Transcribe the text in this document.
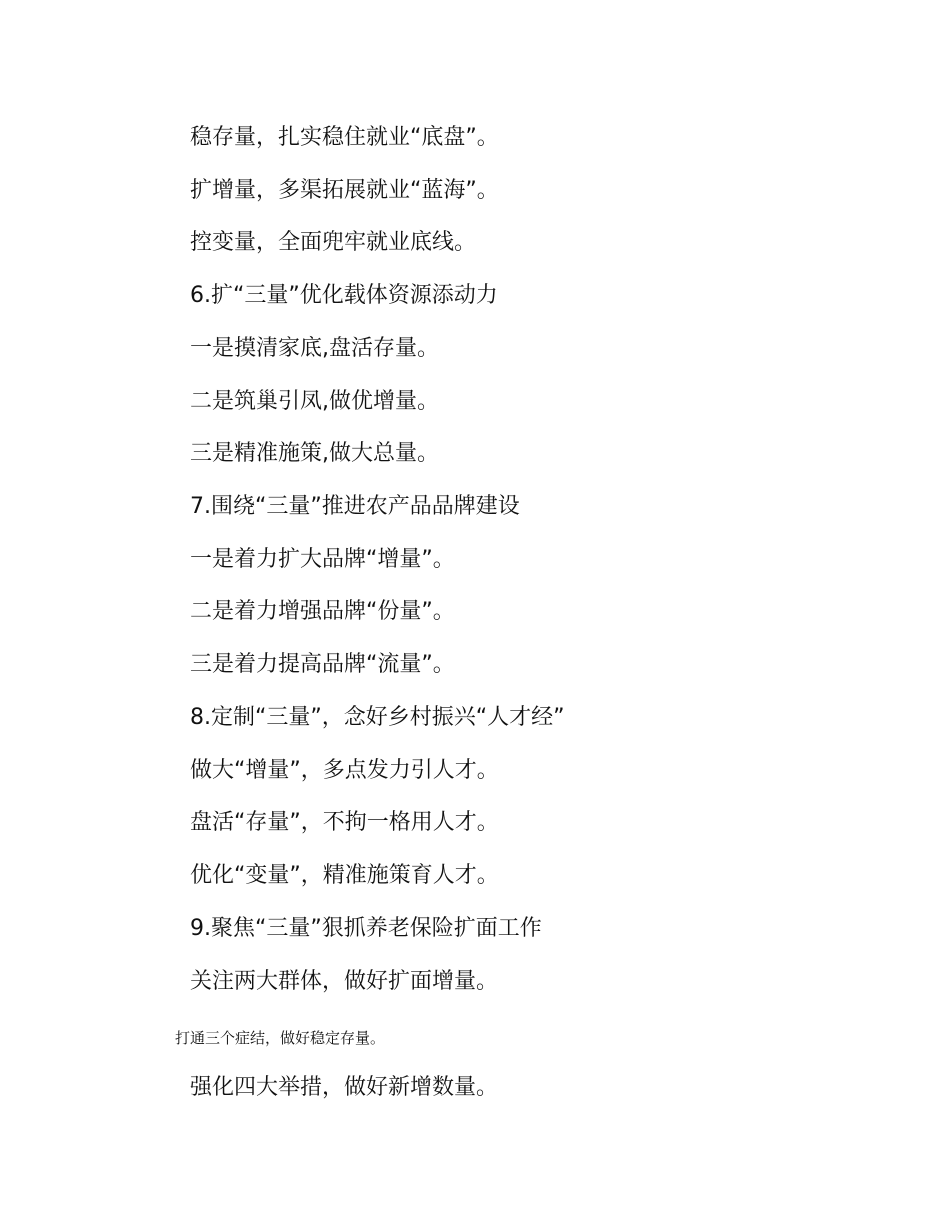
稳存量，扎实稳住就业“底盘”。
扩增量，多渠拓展就业“蓝海”。
控变量，全面兜牢就业底线。
6.扩“三量”优化载体资源添动力
一是摸清家底,盘活存量。
二是筑巢引凤,做优增量。
三是精准施策,做大总量。
7.围绕“三量”推进农产品品牌建设
一是着力扩大品牌“增量”。
二是着力增强品牌“份量”。
三是着力提高品牌“流量”。
8.定制“三量”，念好乡村振兴“人才经”
做大“增量”，多点发力引人才。
盘活“存量”，不拘一格用人才。
优化“变量”，精准施策育人才。
9.聚焦“三量”狠抓养老保险扩面工作
关注两大群体，做好扩面增量。
打通三个症结，做好稳定存量。
强化四大举措，做好新增数量。
